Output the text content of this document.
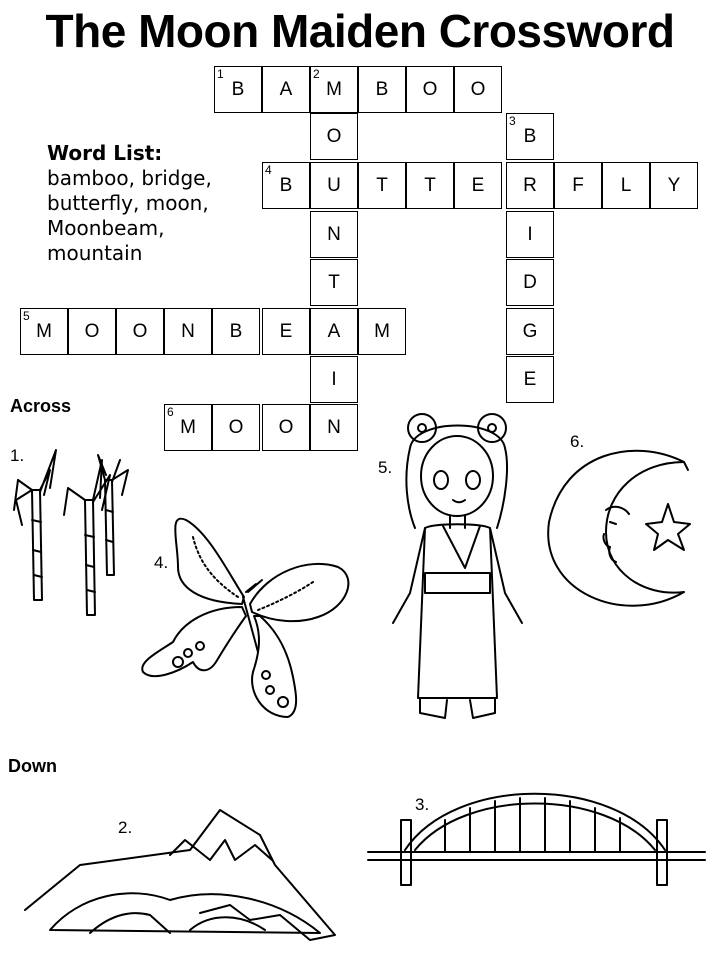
The Moon Maiden Crossword
1
B A
2
M B O O
O
3
B
4
B U T T E R F L Y
N	I
T	D
5
M O O N B E A M	G
I	E
6
M O O N
Word List:
bamboo, bridge,
butterfly, moon,
Moonbeam,
mountain
Across
Down
1.
4.
5.
6.
2.
3.
